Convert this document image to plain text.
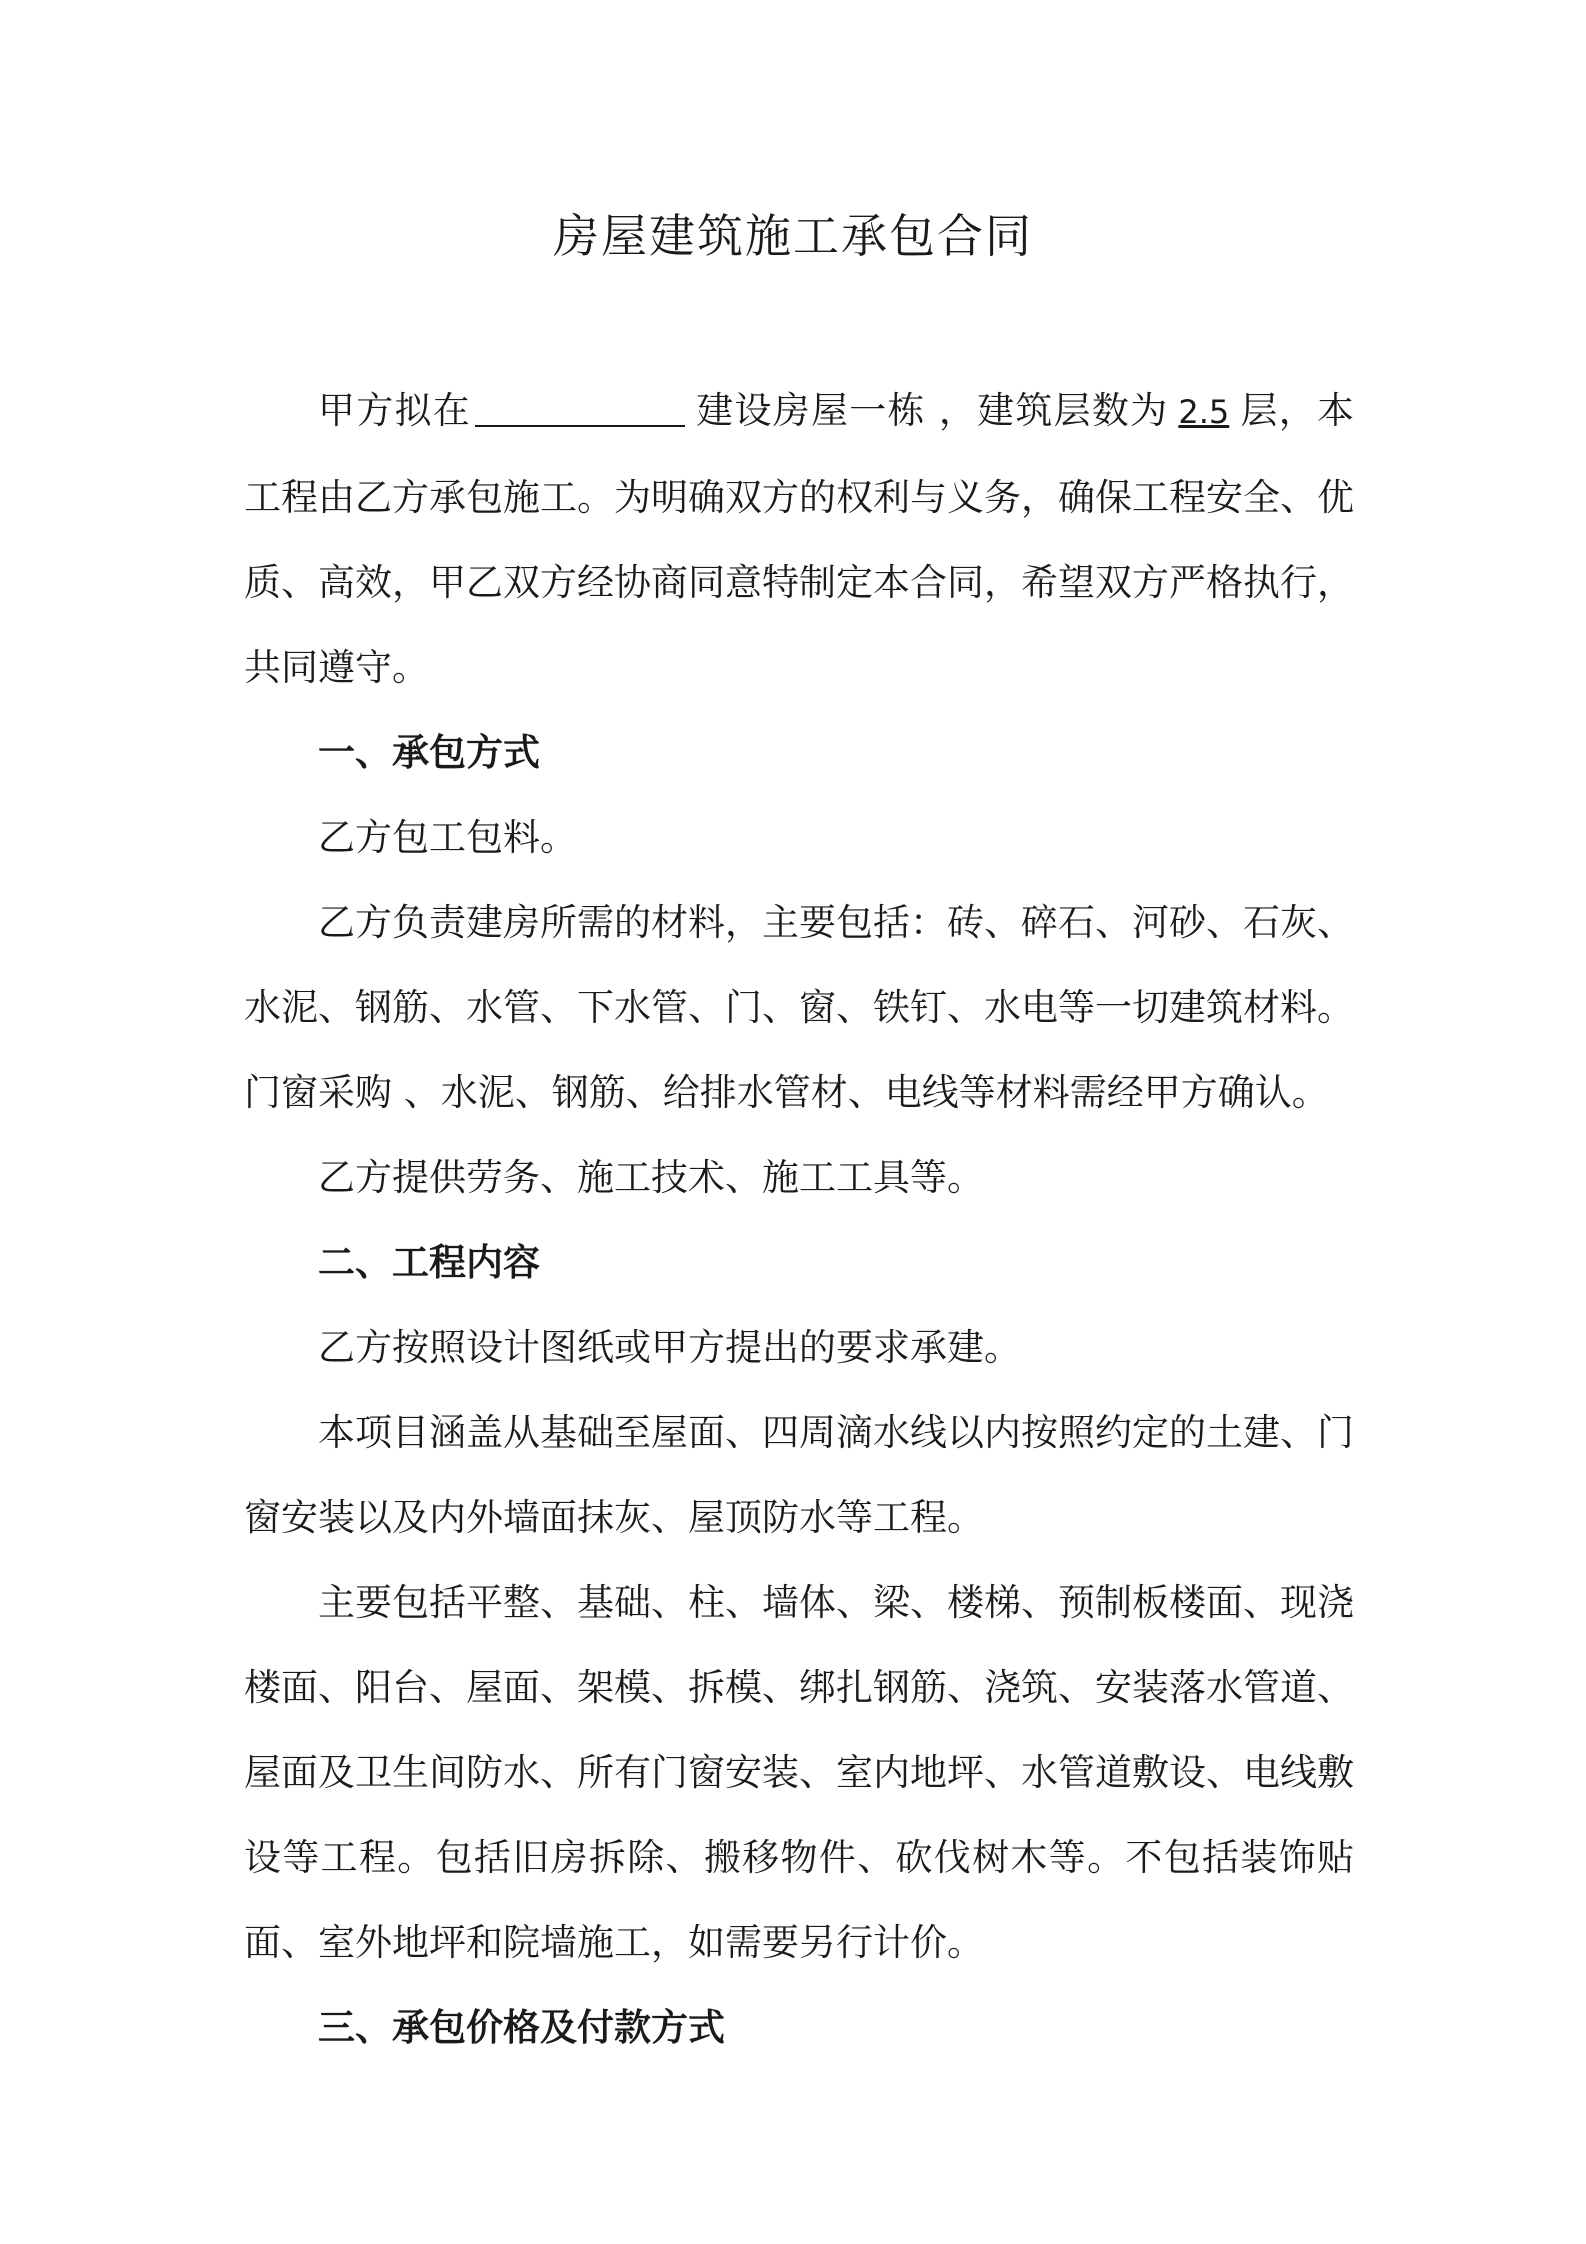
房屋建筑施工承包合同

甲方拟在	建设房屋一栋 ，建筑层数为 2.5 层，本工程由乙方承包施工。为明确双方的权利与义务，确保工程安全、优质、高效，甲乙双方经协商同意特制定本合同，希望双方严格执行，共同遵守。

一、承包方式

乙方包工包料。

乙方负责建房所需的材料，主要包括：砖、碎石、河砂、石灰、水泥、钢筋、水管、下水管、门、窗、铁钉、水电等一切建筑材料。门窗采购 、水泥、钢筋、给排水管材、电线等材料需经甲方确认。

乙方提供劳务、施工技术、施工工具等。

二、工程内容

乙方按照设计图纸或甲方提出的要求承建。

本项目涵盖从基础至屋面、四周滴水线以内按照约定的土建、门窗安装以及内外墙面抹灰、屋顶防水等工程。

主要包括平整、基础、柱、墙体、梁、楼梯、预制板楼面、现浇楼面、阳台、屋面、架模、拆模、绑扎钢筋、浇筑、安装落水管道、屋面及卫生间防水、所有门窗安装、室内地坪、水管道敷设、电线敷设等工程。包括旧房拆除、搬移物件、砍伐树木等。不包括装饰贴面、室外地坪和院墙施工，如需要另行计价。

三、承包价格及付款方式
